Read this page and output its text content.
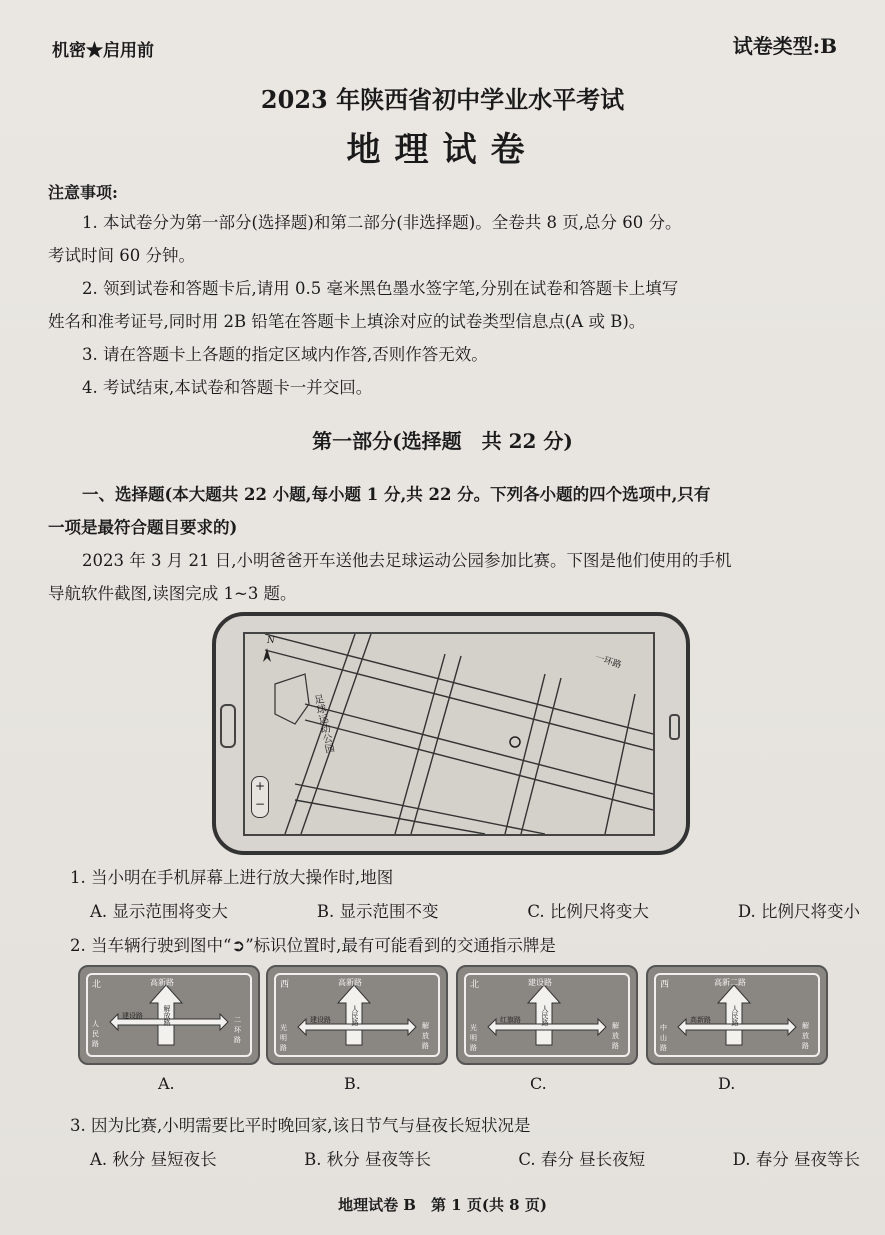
机密★启用前	试卷类型:B
2023 年陕西省初中学业水平考试
地理试卷
注意事项:
1. 本试卷分为第一部分(选择题)和第二部分(非选择题)。全卷共 8 页,总分 60 分。
考试时间 60 分钟。
2. 领到试卷和答题卡后,请用 0.5 毫米黑色墨水签字笔,分别在试卷和答题卡上填写
姓名和准考证号,同时用 2B 铅笔在答题卡上填涂对应的试卷类型信息点(A 或 B)。
3. 请在答题卡上各题的指定区域内作答,否则作答无效。
4. 考试结束,本试卷和答题卡一并交回。
第一部分(选择题　共 22 分)
一、选择题(本大题共 22 小题,每小题 1 分,共 22 分。下列各小题的四个选项中,只有
一项是最符合题目要求的)
2023 年 3 月 21 日,小明爸爸开车送他去足球运动公园参加比赛。下图是他们使用的手机
导航软件截图,读图完成 1~3 题。
N
足球运动公园
一环路
+
−
1. 当小明在手机屏幕上进行放大操作时,地图
A. 显示范围将变大	B. 显示范围不变	C. 比例尺将变大	D. 比例尺将变小
2. 当车辆行驶到图中“➲”标识位置时,最有可能看到的交通指示牌是
北	高新路
解放路
人民路
建设路	二环路
西	高新路
人民路
光明路
建设路
解放路
北	建设路
人民路
光明路
红旗路
解放路
西	高新二路
人民路
中山路
高新路
解放路
A.	B.	C.	D.
3. 因为比赛,小明需要比平时晚回家,该日节气与昼夜长短状况是
A. 秋分 昼短夜长	B. 秋分 昼夜等长	C. 春分 昼长夜短	D. 春分 昼夜等长
地理试卷 B　第 1 页(共 8 页)
